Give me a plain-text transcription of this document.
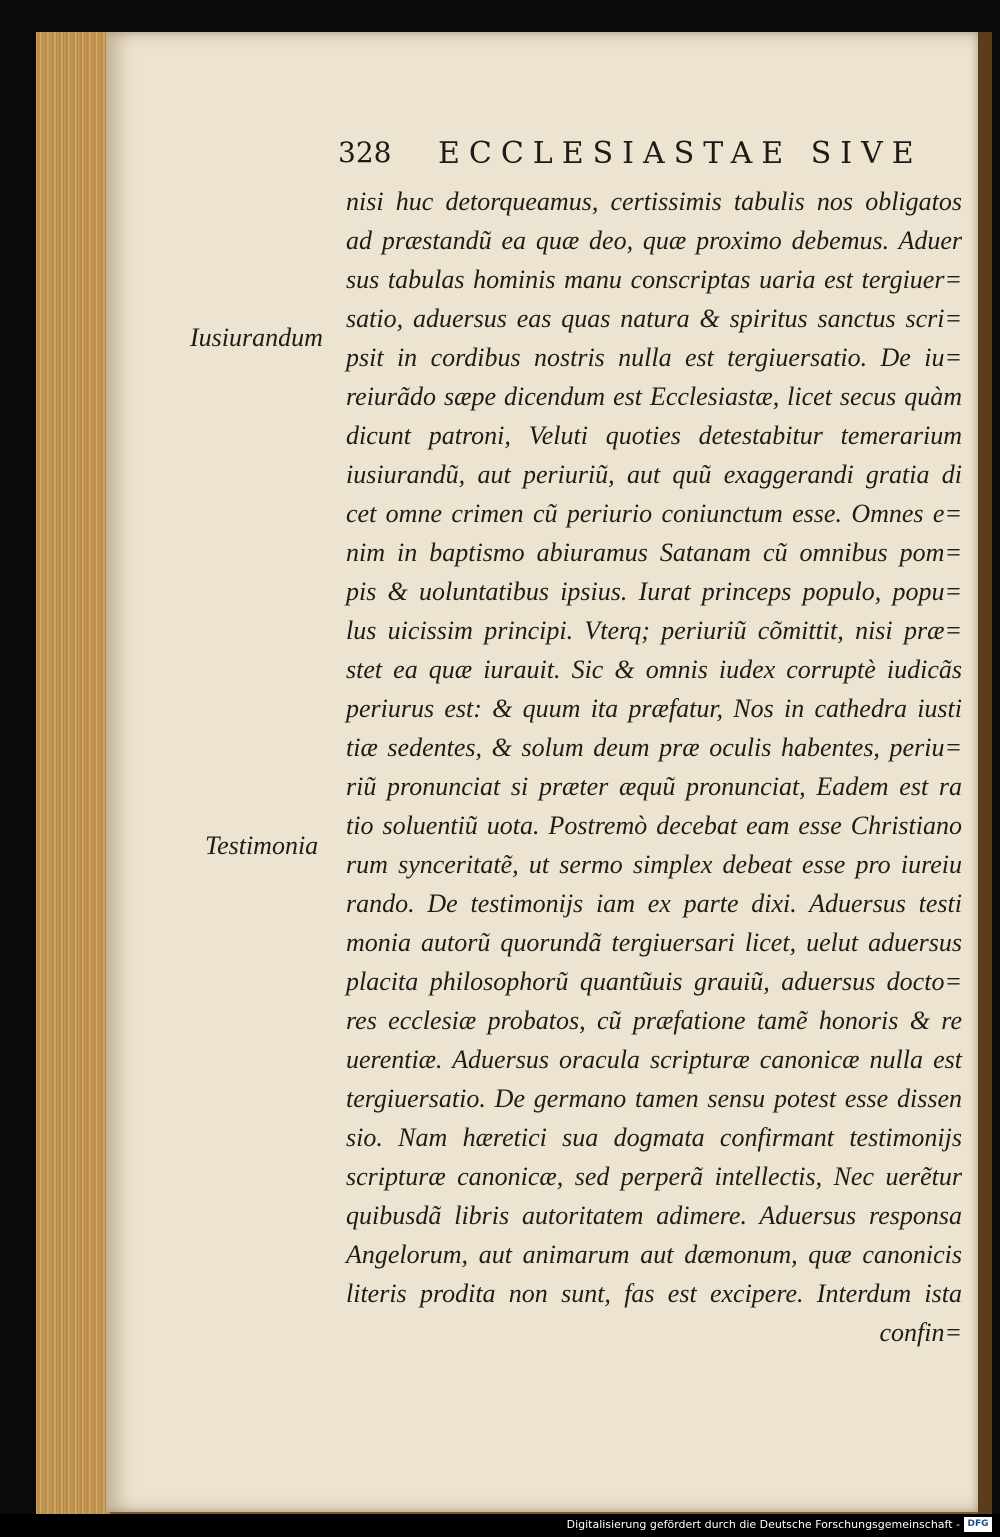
328 ECCLESIASTAE SIVE
Iusiurandum
Testimonia
nisi huc detorqueamus, certissimis tabulis nos obligatos
ad præstandũ ea quæ deo, quæ proximo debemus. Aduer
sus tabulas hominis manu conscriptas uaria est tergiuer=
satio, aduersus eas quas natura & spiritus sanctus scri=
psit in cordibus nostris nulla est tergiuersatio. De iu=
reiurãdo sæpe dicendum est Ecclesiastæ, licet secus quàm
dicunt patroni, Veluti quoties detestabitur temerarium
iusiurandũ, aut periuriũ, aut quũ exaggerandi gratia di
cet omne crimen cũ periurio coniunctum esse. Omnes e=
nim in baptismo abiuramus Satanam cũ omnibus pom=
pis & uoluntatibus ipsius. Iurat princeps populo, popu=
lus uicissim principi. Vterq; periuriũ cõmittit, nisi præ=
stet ea quæ iurauit. Sic & omnis iudex corruptè iudicãs
periurus est: & quum ita præfatur, Nos in cathedra iusti
tiæ sedentes, & solum deum præ oculis habentes, periu=
riũ pronunciat si præter æquũ pronunciat, Eadem est ra
tio soluentiũ uota. Postremò decebat eam esse Christiano
rum synceritatẽ, ut sermo simplex debeat esse pro iureiu
rando. De testimonijs iam ex parte dixi. Aduersus testi
monia autorũ quorundã tergiuersari licet, uelut aduersus
placita philosophorũ quantũuis grauiũ, aduersus docto=
res ecclesiæ probatos, cũ præfatione tamẽ honoris & re
uerentiæ. Aduersus oracula scripturæ canonicæ nulla est
tergiuersatio. De germano tamen sensu potest esse dissen
sio. Nam hæretici sua dogmata confirmant testimonijs
scripturæ canonicæ, sed perperã intellectis, Nec uerẽtur
quibusdã libris autoritatem adimere. Aduersus responsa
Angelorum, aut animarum aut dæmonum, quæ canonicis
literis prodita non sunt, fas est excipere. Interdum ista
confin=
Digitalisierung gefördert durch die Deutsche Forschungsgemeinschaft - DFG
